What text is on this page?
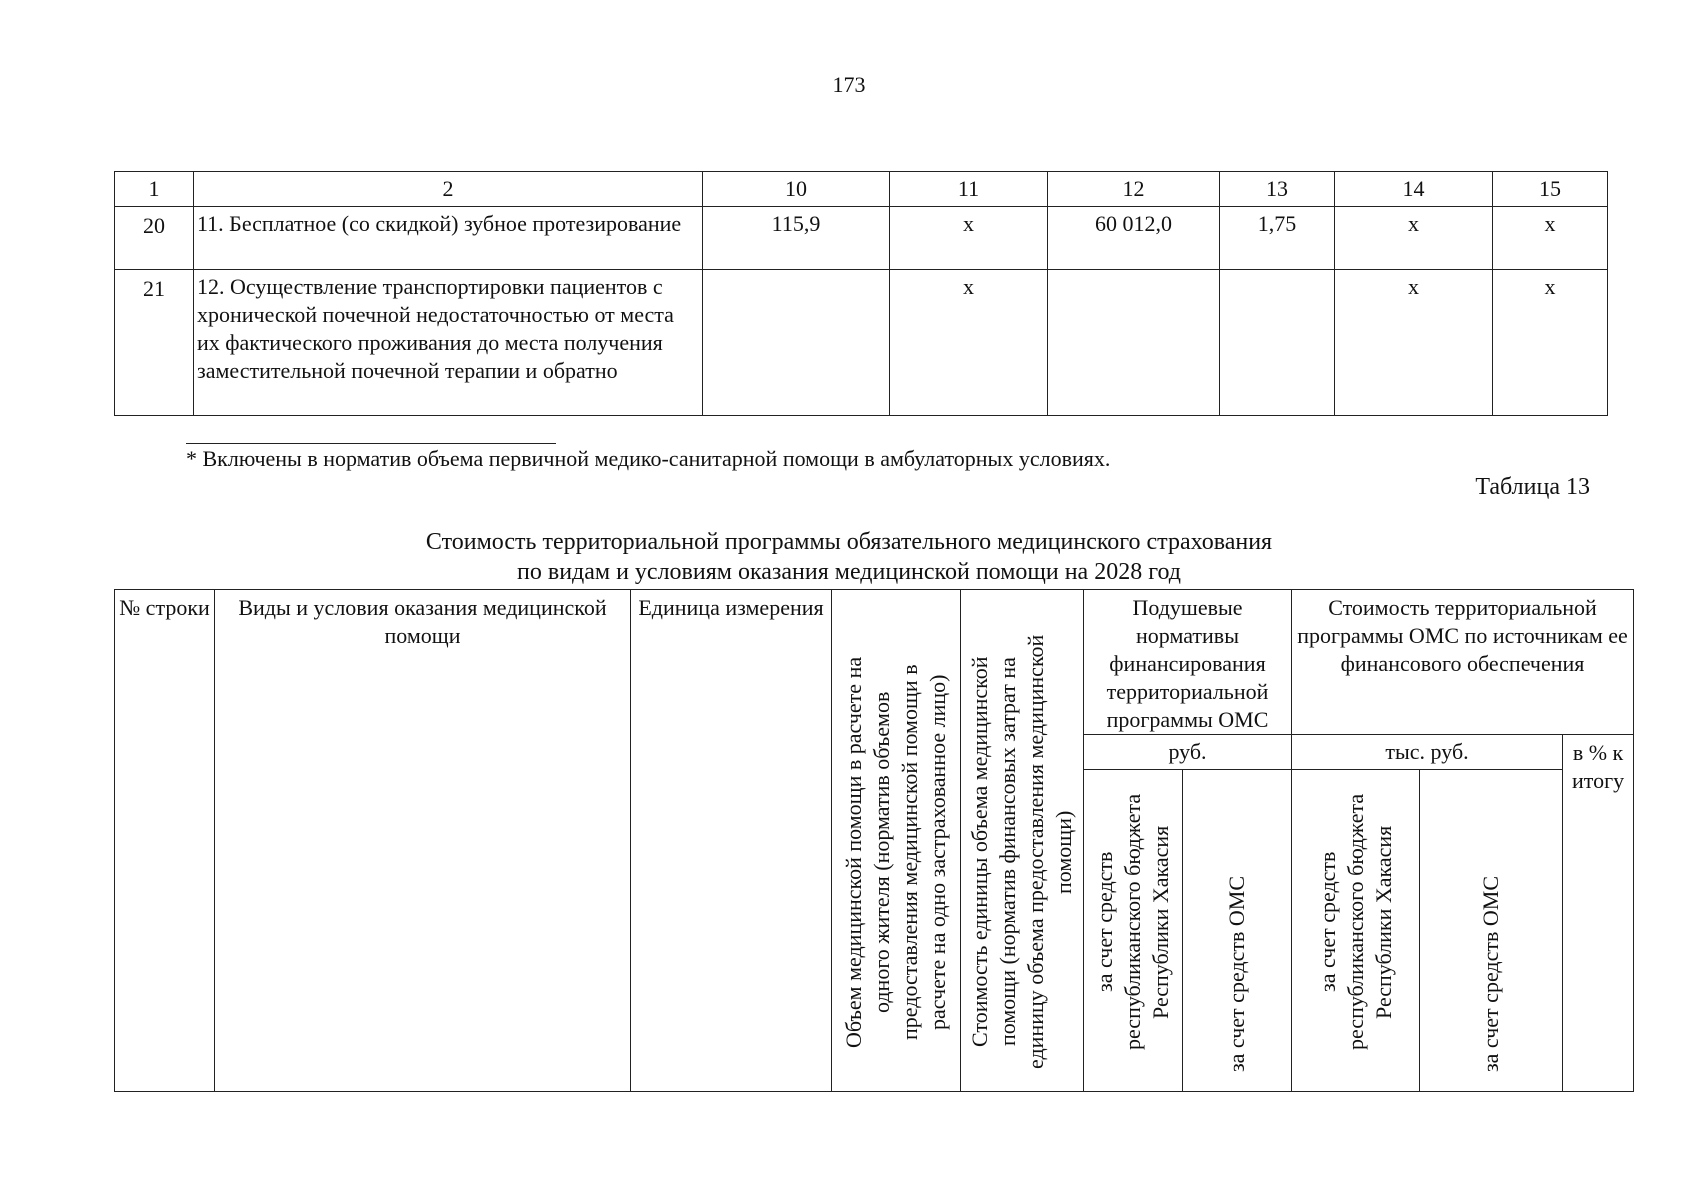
173
1	2	10	11	12	13	14	15
20	11. Бесплатное (со скидкой) зубное протезирование	115,9	х	60 012,0	1,75	х	х
21	12. Осуществление транспортировки пациентов с хронической почечной недостаточностью от места их фактического проживания до места получения заместительной почечной терапии и обратно		х			х	х
* Включены в норматив объема первичной медико-санитарной помощи в амбулаторных условиях.
Таблица 13
Стоимость территориальной программы обязательного медицинского страхования
по видам и условиям оказания медицинской помощи на 2028 год
№ строки	Виды и условия оказания медицинской помощи	Единица измерения	Объем медицинской помощи в расчете на одного жителя (норматив объемов предоставления медицинской помощи в расчете на одно застрахованное лицо)	Стоимость единицы объема медицинской помощи (норматив финансовых затрат на единицу объема предоставления медицинской помощи)	Подушевые нормативы финансирования территориальной программы ОМС		Стоимость территориальной программы ОМС по источникам ее финансового обеспечения		
					руб.		тыс. руб.		в % к итогу
					за счет средств республиканского бюджета Республики Хакасия	за счет средств ОМС	за счет средств республиканского бюджета Республики Хакасия	за счет средств ОМС	
